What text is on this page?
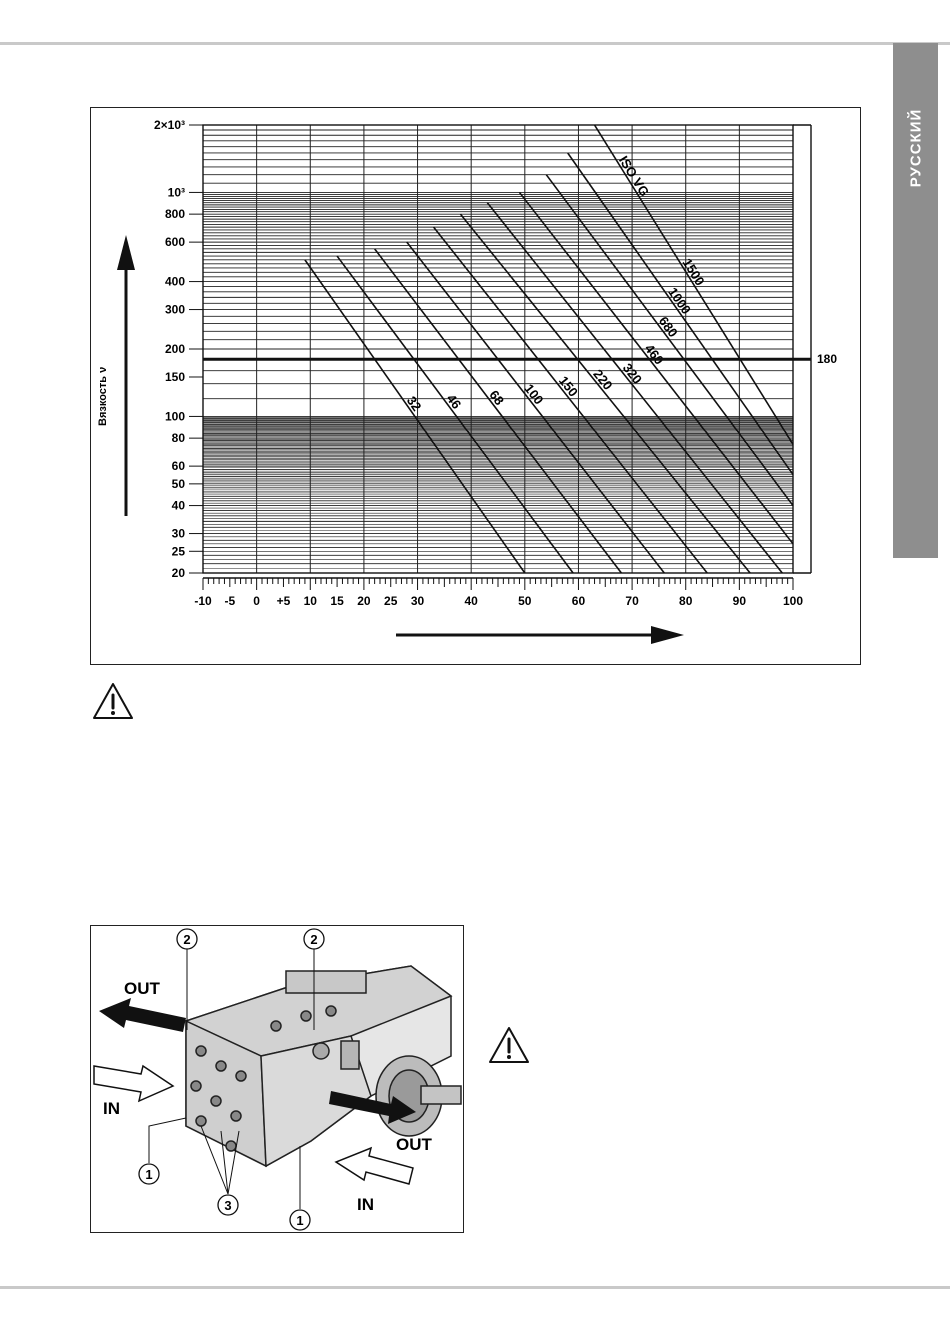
РУССКИЙ
2×10³
10³
800
600
400
300
200
150
100
80
60
50
40
30
25
20
-10 -5 0 +5 10 15 20 25 30	40	50	60	70	80	90	100
32 46 68 100 150 220 320
460
680
1000
1500
ISO VG
180
Вязкость ν
OUT
OUT
IN
IN
2	2
1
3
1
